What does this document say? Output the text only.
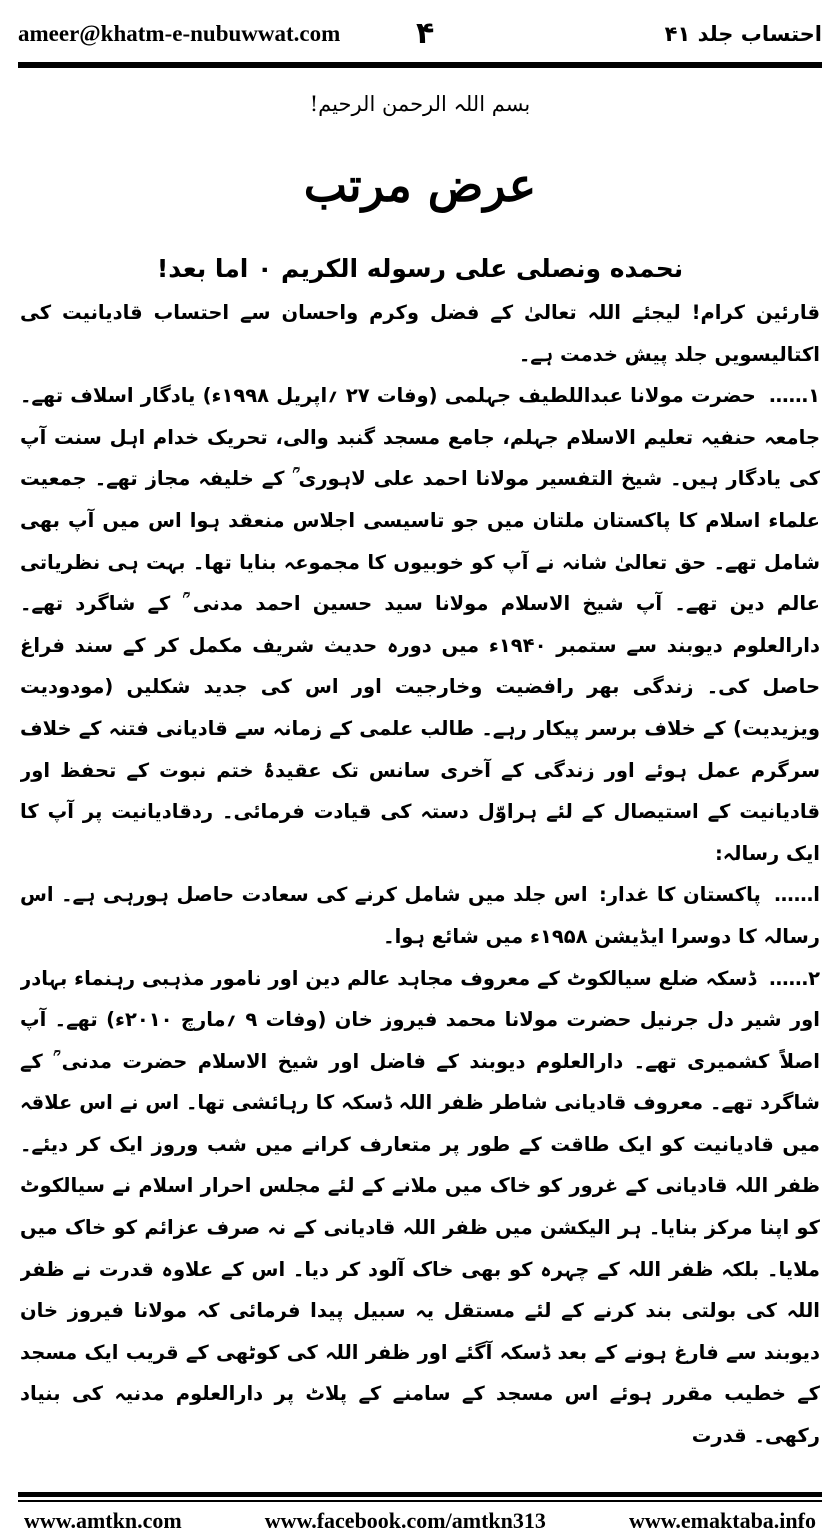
ameer@khatm-e-nubuwwat.com	۴	احتساب جلد ۴۱
بسم اللہ الرحمن الرحیم!
عرض مرتب
نحمده ونصلی علی رسوله الکریم ۰ اما بعد!

قارئین کرام! لیجئے اللہ تعالیٰ کے فضل وکرم واحسان سے احتساب قادیانیت کی اکتالیسویں جلد پیش خدمت ہے۔

۱…… حضرت مولانا عبداللطیف جہلمی (وفات ۲۷ ؍اپریل ۱۹۹۸ء) یادگار اسلاف تھے۔ جامعہ حنفیہ تعلیم الاسلام جہلم، جامع مسجد گنبد والی، تحریک خدام اہل سنت آپ کی یادگار ہیں۔ شیخ التفسیر مولانا احمد علی لاہوری ؒ کے خلیفہ مجاز تھے۔ جمعیت علماء اسلام کا پاکستان ملتان میں جو تاسیسی اجلاس منعقد ہوا اس میں آپ بھی شامل تھے۔ حق تعالیٰ شانہ نے آپ کو خوبیوں کا مجموعہ بنایا تھا۔ بہت ہی نظریاتی عالم دین تھے۔ آپ شیخ الاسلام مولانا سید حسین احمد مدنی ؒ کے شاگرد تھے۔ دارالعلوم دیوبند سے ستمبر ۱۹۴۰ء میں دورہ حدیث شریف مکمل کر کے سند فراغ حاصل کی۔ زندگی بھر رافضیت وخارجیت اور اس کی جدید شکلیں (مودودیت ویزیدیت) کے خلاف برسر پیکار رہے۔ طالب علمی کے زمانہ سے قادیانی فتنہ کے خلاف سرگرم عمل ہوئے اور زندگی کے آخری سانس تک عقیدۂ ختم نبوت کے تحفظ اور قادیانیت کے استیصال کے لئے ہراوّل دستہ کی قیادت فرمائی۔ ردقادیانیت پر آپ کا ایک رسالہ:

ا…… پاکستان کا غدار: اس جلد میں شامل کرنے کی سعادت حاصل ہورہی ہے۔ اس رسالہ کا دوسرا ایڈیشن ۱۹۵۸ء میں شائع ہوا۔

۲…… ڈسکہ ضلع سیالکوٹ کے معروف مجاہد عالم دین اور نامور مذہبی رہنماء بہادر اور شیر دل جرنیل حضرت مولانا محمد فیروز خان (وفات ۹ ؍مارچ ۲۰۱۰ء) تھے۔ آپ اصلاً کشمیری تھے۔ دارالعلوم دیوبند کے فاضل اور شیخ الاسلام حضرت مدنی ؒ کے شاگرد تھے۔ معروف قادیانی شاطر ظفر اللہ ڈسکہ کا رہائشی تھا۔ اس نے اس علاقہ میں قادیانیت کو ایک طاقت کے طور پر متعارف کرانے میں شب وروز ایک کر دیئے۔ ظفر اللہ قادیانی کے غرور کو خاک میں ملانے کے لئے مجلس احرار اسلام نے سیالکوٹ کو اپنا مرکز بنایا۔ ہر الیکشن میں ظفر اللہ قادیانی کے نہ صرف عزائم کو خاک میں ملایا۔ بلکہ ظفر اللہ کے چہرہ کو بھی خاک آلود کر دیا۔ اس کے علاوہ قدرت نے ظفر اللہ کی بولتی بند کرنے کے لئے مستقل یہ سبیل پیدا فرمائی کہ مولانا فیروز خان دیوبند سے فارغ ہونے کے بعد ڈسکہ آگئے اور ظفر اللہ کی کوٹھی کے قریب ایک مسجد کے خطیب مقرر ہوئے اس مسجد کے سامنے کے پلاٹ پر دارالعلوم مدنیہ کی بنیاد رکھی۔ قدرت

www.amtkn.com	www.facebook.com/amtkn313	www.emaktaba.info
